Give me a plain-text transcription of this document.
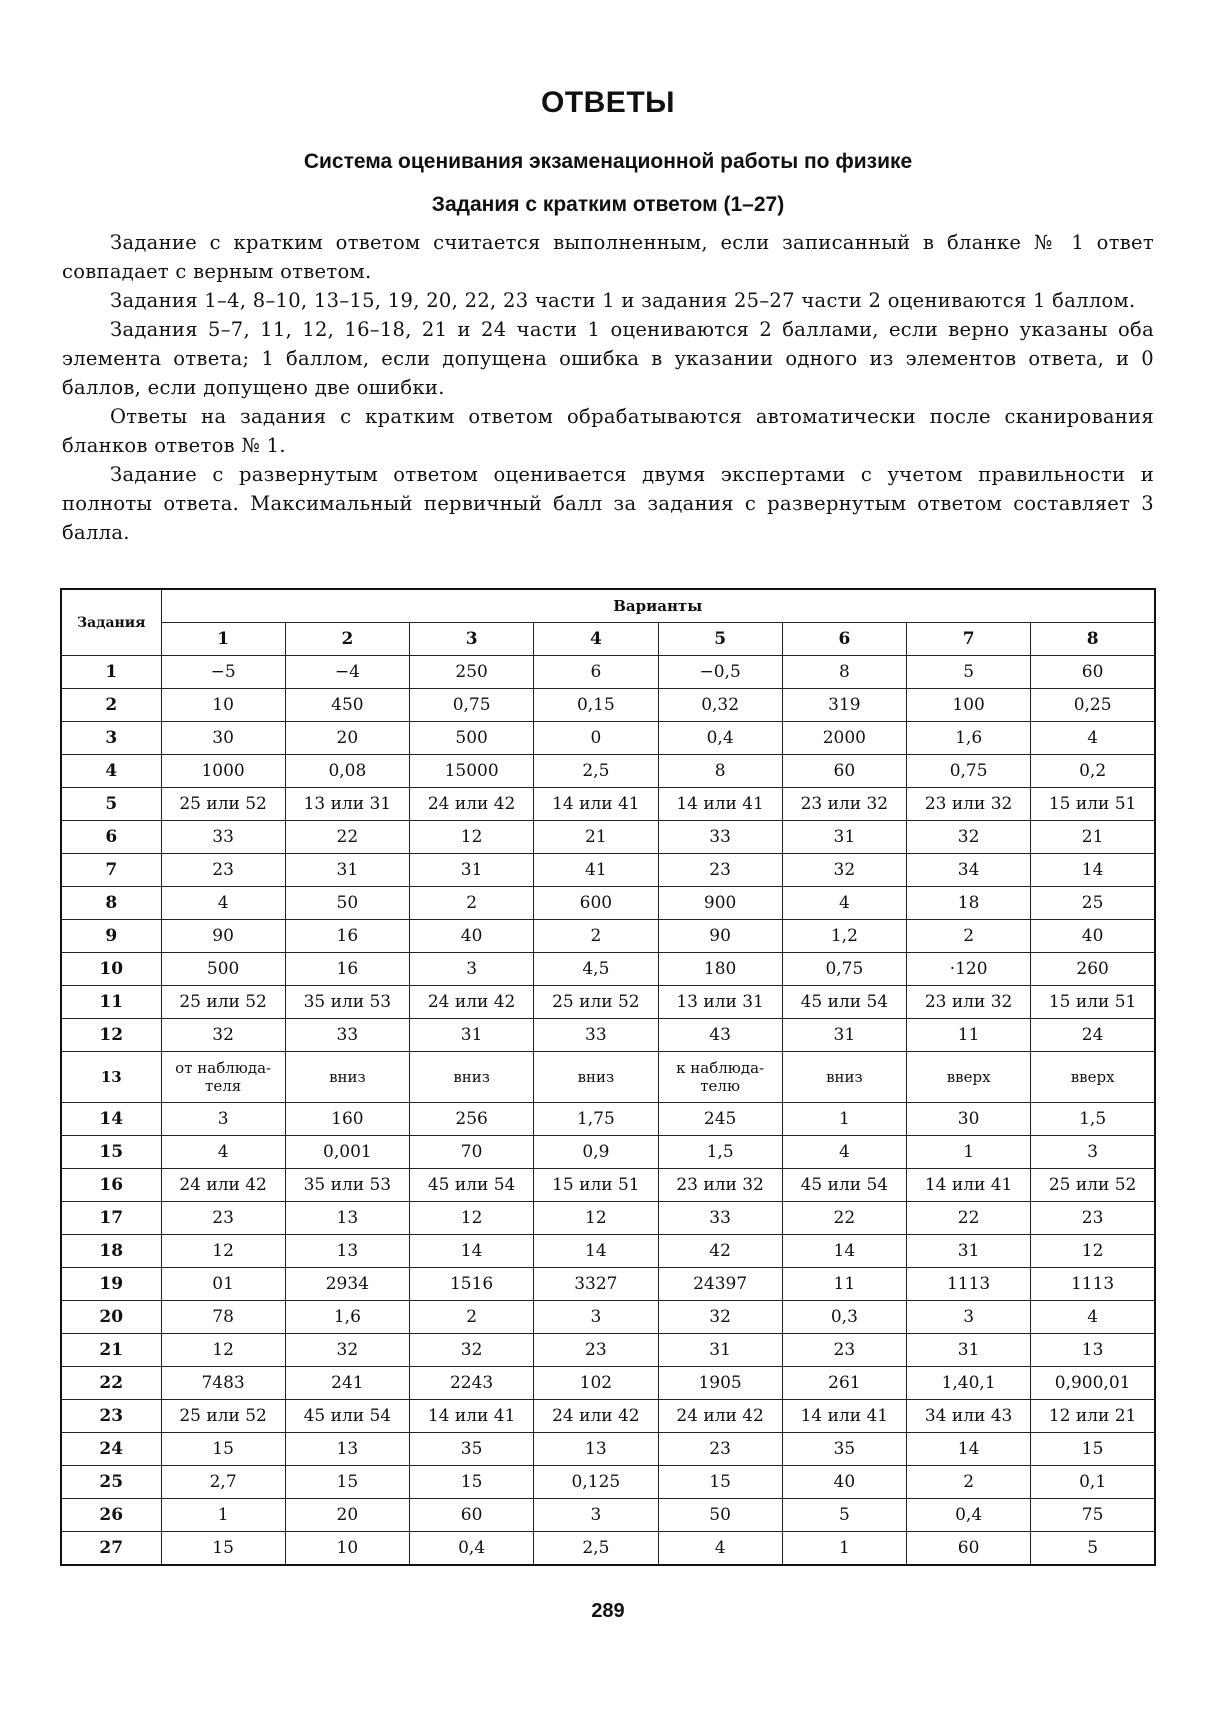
ОТВЕТЫ
Система оценивания экзаменационной работы по физике
Задания с кратким ответом (1–27)

Задание с кратким ответом считается выполненным, если записанный в бланке № 1 ответ совпадает с верным ответом.

Задания 1–4, 8–10, 13–15, 19, 20, 22, 23 части 1 и задания 25–27 части 2 оцениваются 1 баллом.

Задания 5–7, 11, 12, 16–18, 21 и 24 части 1 оцениваются 2 баллами, если верно указаны оба элемента ответа; 1 баллом, если допущена ошибка в указании одного из элементов ответа, и 0 баллов, если допущено две ошибки.

Ответы на задания с кратким ответом обрабатываются автоматически после сканирования бланков ответов № 1.

Задание с развернутым ответом оценивается двумя экспертами с учетом правильности и полноты ответа. Максимальный первичный балл за задания с развернутым ответом составляет 3 балла.

Задания	Варианты							
	1	2	3	4	5	6	7	8
1	−5	−4	250	6	−0,5	8	5	60
2	10	450	0,75	0,15	0,32	319	100	0,25
3	30	20	500	0	0,4	2000	1,6	4
4	1000	0,08	15000	2,5	8	60	0,75	0,2
5	25 или 52	13 или 31	24 или 42	14 или 41	14 или 41	23 или 32	23 или 32	15 или 51
6	33	22	12	21	33	31	32	21
7	23	31	31	41	23	32	34	14
8	4	50	2	600	900	4	18	25
9	90	16	40	2	90	1,2	2	40
10	500	16	3	4,5	180	0,75	·120	260
11	25 или 52	35 или 53	24 или 42	25 или 52	13 или 31	45 или 54	23 или 32	15 или 51
12	32	33	31	33	43	31	11	24
13	от наблюда-теля	вниз	вниз	вниз	к наблюда-телю	вниз	вверх	вверх
14	3	160	256	1,75	245	1	30	1,5
15	4	0,001	70	0,9	1,5	4	1	3
16	24 или 42	35 или 53	45 или 54	15 или 51	23 или 32	45 или 54	14 или 41	25 или 52
17	23	13	12	12	33	22	22	23
18	12	13	14	14	42	14	31	12
19	01	2934	1516	3327	24397	11	1113	1113
20	78	1,6	2	3	32	0,3	3	4
21	12	32	32	23	31	23	31	13
22	7483	241	2243	102	1905	261	1,40,1	0,900,01
23	25 или 52	45 или 54	14 или 41	24 или 42	24 или 42	14 или 41	34 или 43	12 или 21
24	15	13	35	13	23	35	14	15
25	2,7	15	15	0,125	15	40	2	0,1
26	1	20	60	3	50	5	0,4	75
27	15	10	0,4	2,5	4	1	60	5
289
